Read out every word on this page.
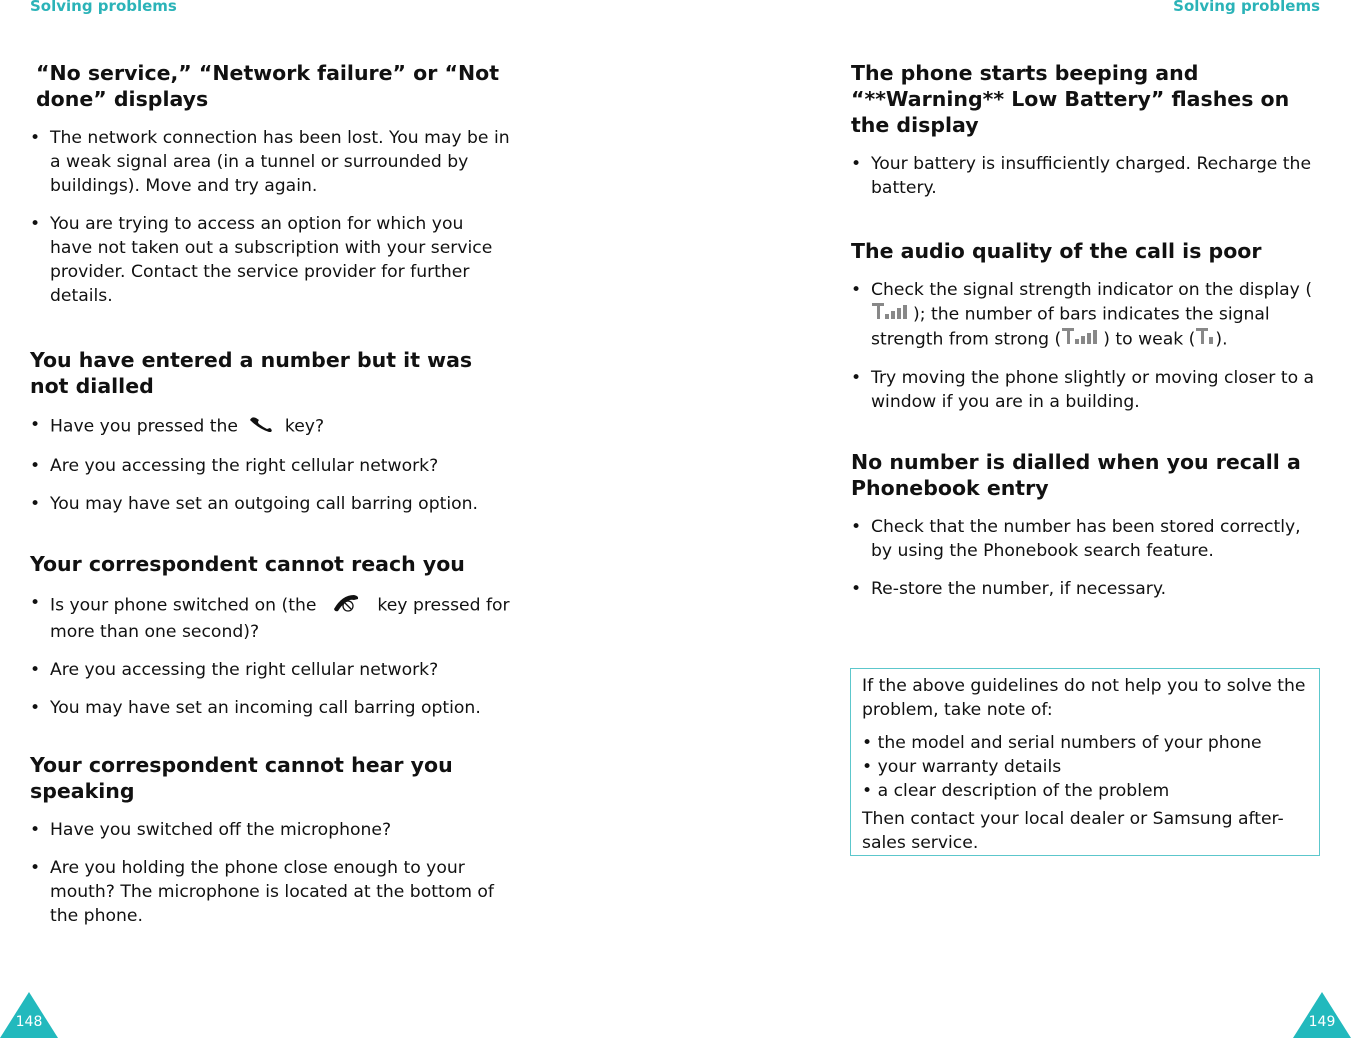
Solving problems	Solving problems
“No service,” “Network failure” or “Not done” displays
• The network connection has been lost. You may be in a weak signal area (in a tunnel or surrounded by buildings). Move and try again.
• You are trying to access an option for which you have not taken out a subscription with your service provider. Contact the service provider for further details.
You have entered a number but it was not dialled
• Have you pressed the	key?
• Are you accessing the right cellular network?
• You may have set an outgoing call barring option.
Your correspondent cannot reach you
• Is your phone switched on (the	key pressed for more than one second)?
• Are you accessing the right cellular network?
• You may have set an incoming call barring option.
Your correspondent cannot hear you speaking
• Have you switched off the microphone?
• Are you holding the phone close enough to your mouth? The microphone is located at the bottom of the phone.
The phone starts beeping and “**Warning** Low Battery” flashes on the display
• Your battery is insufficiently charged. Recharge the battery.
The audio quality of the call is poor
• Check the signal strength indicator on the display (); the number of bars indicates the signal strength from strong ( ) to weak ( ).
• Try moving the phone slightly or moving closer to a window if you are in a building.
No number is dialled when you recall a Phonebook entry
• Check that the number has been stored correctly, by using the Phonebook search feature.
• Re-store the number, if necessary.

If the above guidelines do not help you to solve the problem, take note of:

• the model and serial numbers of your phone

• your warranty details

• a clear description of the problem

Then contact your local dealer or Samsung after-sales service.

148	149
